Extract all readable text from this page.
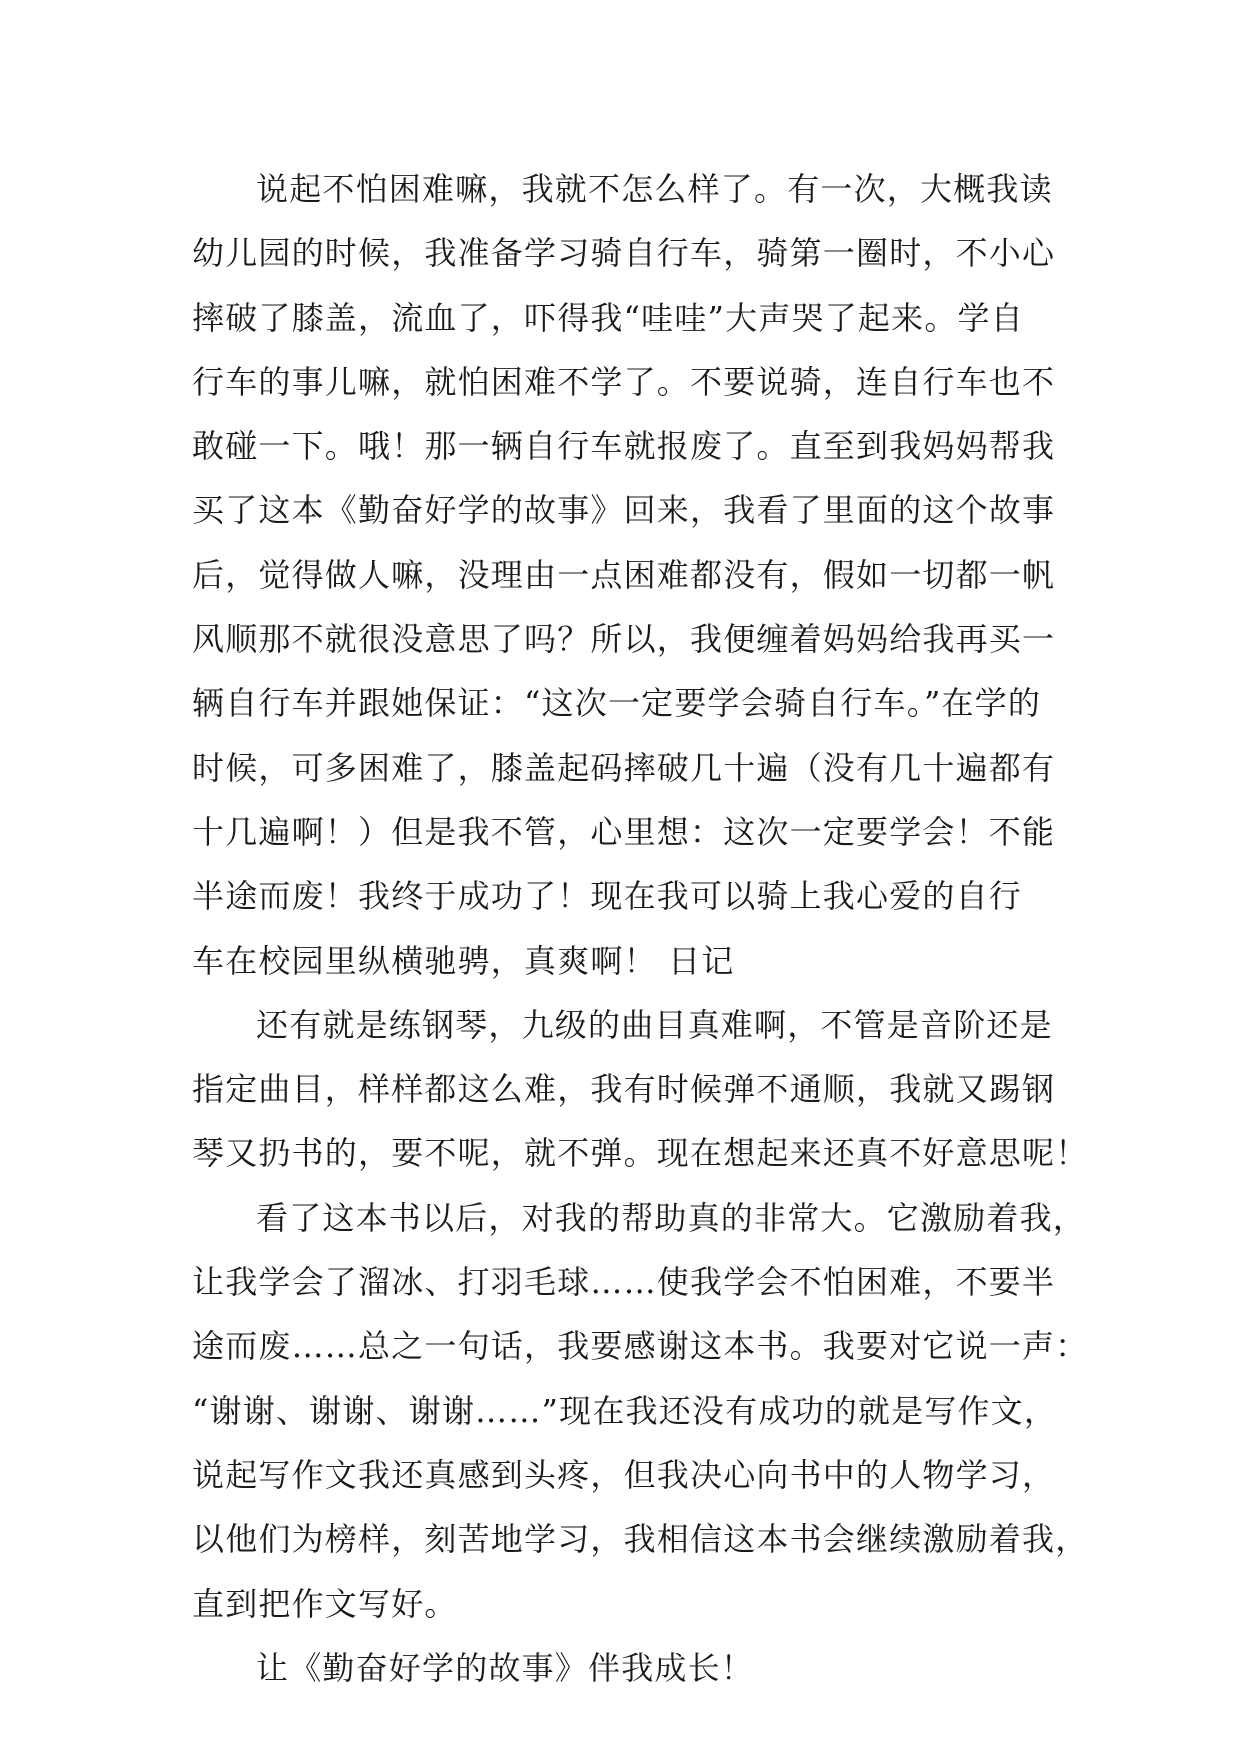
说起不怕困难嘛，我就不怎么样了。有一次，大概我读
幼儿园的时候，我准备学习骑自行车，骑第一圈时，不小心
摔破了膝盖，流血了，吓得我“哇哇”大声哭了起来。学自
行车的事儿嘛，就怕困难不学了。不要说骑，连自行车也不
敢碰一下。哦！那一辆自行车就报废了。直至到我妈妈帮我
买了这本《勤奋好学的故事》回来，我看了里面的这个故事
后，觉得做人嘛，没理由一点困难都没有，假如一切都一帆
风顺那不就很没意思了吗？所以，我便缠着妈妈给我再买一
辆自行车并跟她保证：“这次一定要学会骑自行车。”在学的
时候，可多困难了，膝盖起码摔破几十遍（没有几十遍都有
十几遍啊！）但是我不管，心里想：这次一定要学会！不能
半途而废！我终于成功了！现在我可以骑上我心爱的自行
车在校园里纵横驰骋，真爽啊！ 日记

还有就是练钢琴，九级的曲目真难啊，不管是音阶还是
指定曲目，样样都这么难，我有时候弹不通顺，我就又踢钢
琴又扔书的，要不呢，就不弹。现在想起来还真不好意思呢！

看了这本书以后，对我的帮助真的非常大。它激励着我，
让我学会了溜冰、打羽毛球……使我学会不怕困难，不要半
途而废……总之一句话，我要感谢这本书。我要对它说一声：
“谢谢、谢谢、谢谢……”现在我还没有成功的就是写作文，
说起写作文我还真感到头疼，但我决心向书中的人物学习，
以他们为榜样，刻苦地学习，我相信这本书会继续激励着我，
直到把作文写好。

让《勤奋好学的故事》伴我成长！
